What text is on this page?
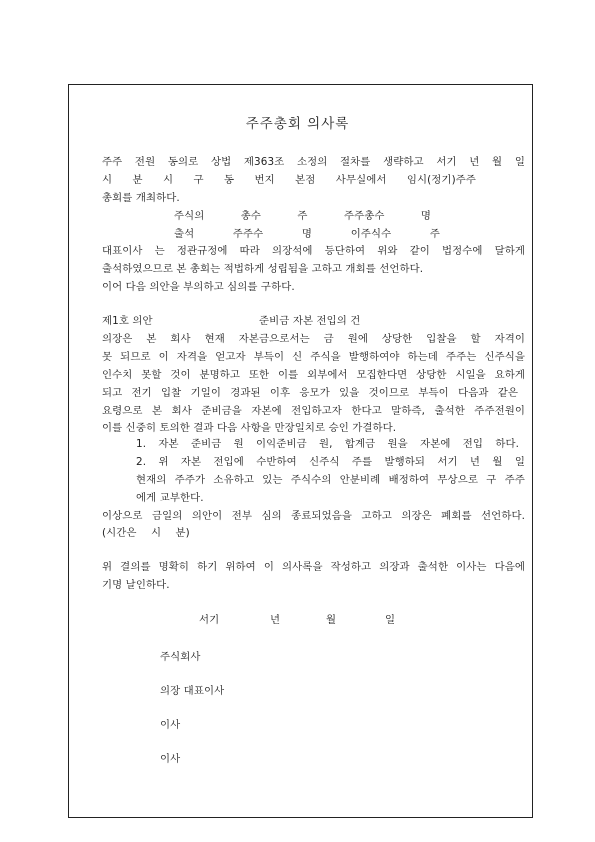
주주총회 의사록
주주 전원 동의로 상법 제363조 소정의 절차를 생략하고 서기 년 월 일
시 분 시 구 동 번지 본점 사무실에서 임시(정기)주주
총회를 개최하다.
주식의 총수 주 주주총수 명
출석 주주수 명 이주식수 주
대표이사 는 정관규정에 따라 의장석에 등단하여 위와 같이 법정수에 달하게
출석하였으므로 본 총회는 적법하게 성립됨을 고하고 개회를 선언하다.
이어 다음 의안을 부의하고 심의를 구하다.
제1호 의안	준비금 자본 전입의 건
의장은 본 회사 현재 자본금으로서는 금 원에 상당한 입찰을 할 자격이
못 되므로 이 자격을 얻고자 부득이 신 주식을 발행하여야 하는데 주주는 신주식을
인수치 못할 것이 분명하고 또한 이를 외부에서 모집한다면 상당한 시일을 요하게
되고 전기 입찰 기일이 경과된 이후 응모가 있을 것이므로 부득이 다음과 같은
요령으로 본 회사 준비금을 자본에 전입하고자 한다고 말하즉, 출석한 주주전원이
이를 신중히 토의한 결과 다음 사항을 만장일치로 승인 가결하다.
1. 자본 준비금 원 이익준비금 원, 합계금 원을 자본에 전입 하다.
2. 위 자본 전입에 수반하여 신주식 주를 발행하되 서기 년 월 일
현재의 주주가 소유하고 있는 주식수의 안분비례 배정하여 무상으로 구 주주
에게 교부한다.
이상으로 금일의 의안이 전부 심의 종료되었음을 고하고 의장은 폐회를 선언하다.
(시간은 시 분)
위 결의를 명확히 하기 위하여 이 의사록을 작성하고 의장과 출석한 이사는 다음에
기명 날인하다.
서기	년	월	일
주식회사
의장 대표이사
이사
이사
